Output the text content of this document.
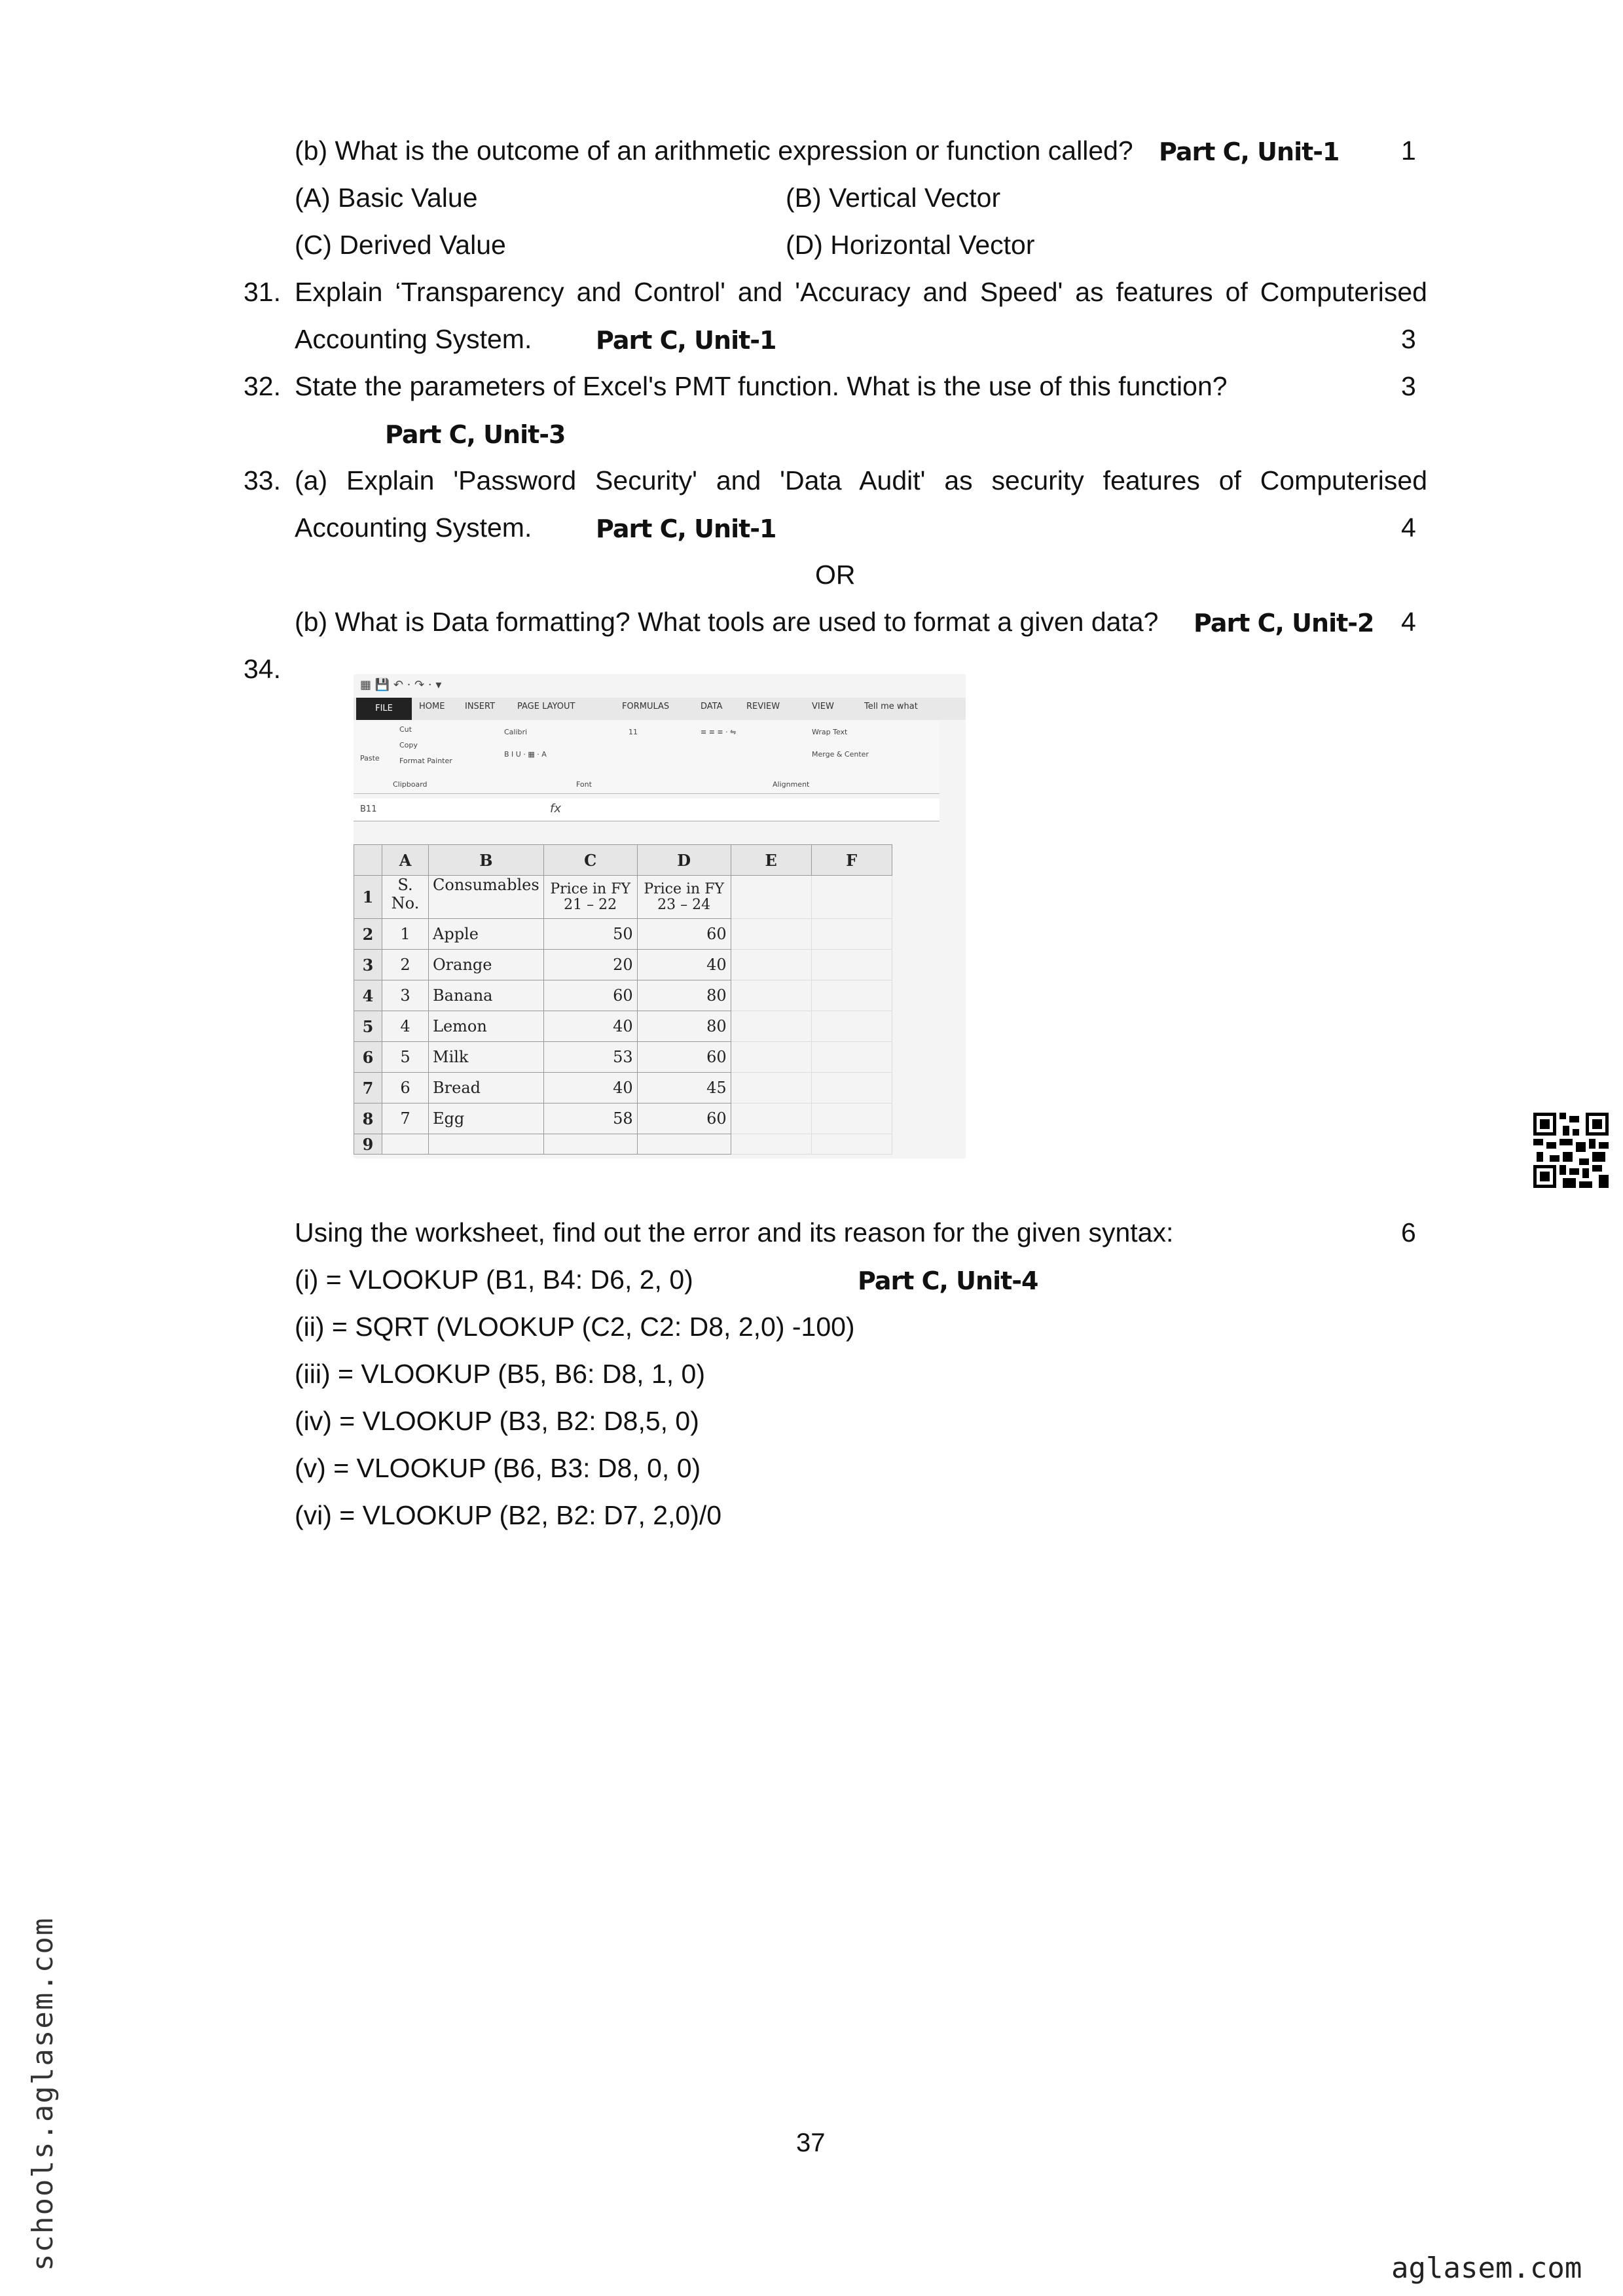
(b) What is the outcome of an arithmetic expression or function called? Part C, Unit-1 1
(A) Basic Value	(B) Vertical Vector
(C) Derived Value	(D) Horizontal Vector
31. Explain ‘Transparency and Control' and 'Accuracy and Speed' as features of Computerised
Accounting System.	Part C, Unit-1	3
32. State the parameters of Excel's PMT function. What is the use of this function?	3
Part C, Unit-3
33. (a) Explain 'Password Security' and 'Data Audit' as security features of Computerised
Accounting System.	Part C, Unit-1	4
OR
(b) What is Data formatting? What tools are used to format a given data? Part C, Unit-2 4
34.
▦ 💾 ↶ · ↷ · ▾
HOME INSERT	PAGE LAYOUT	FORMULAS	DATA	REVIEW	VIEW	Tell me what
FILE
Paste
Cut
Copy
Format Painter
Calibri	11
B I U · ▦ · A
≡ ≡ ≡ · ⇋	Wrap Text
Merge & Center
Clipboard	Font	Alignment
B11	fx
	A	B	C	D	E	F
1	S. No.	Consumables	Price in FY 21 – 22	Price in FY 23 – 24		
2	1	Apple	50	60		
3	2	Orange	20	40		
4	3	Banana	60	80		
5	4	Lemon	40	80		
6	5	Milk	53	60		
7	6	Bread	40	45		
8	7	Egg	58	60		
9						
Using the worksheet, find out the error and its reason for the given syntax:	6
(i) = VLOOKUP (B1, B4: D6, 2, 0)	Part C, Unit-4
(ii) = SQRT (VLOOKUP (C2, C2: D8, 2,0) -100)
(iii) = VLOOKUP (B5, B6: D8, 1, 0)
(iv) = VLOOKUP (B3, B2: D8,5, 0)
(v) = VLOOKUP (B6, B3: D8, 0, 0)
(vi) = VLOOKUP (B2, B2: D7, 2,0)/0
37
schools.aglasem.com	aglasem.com
